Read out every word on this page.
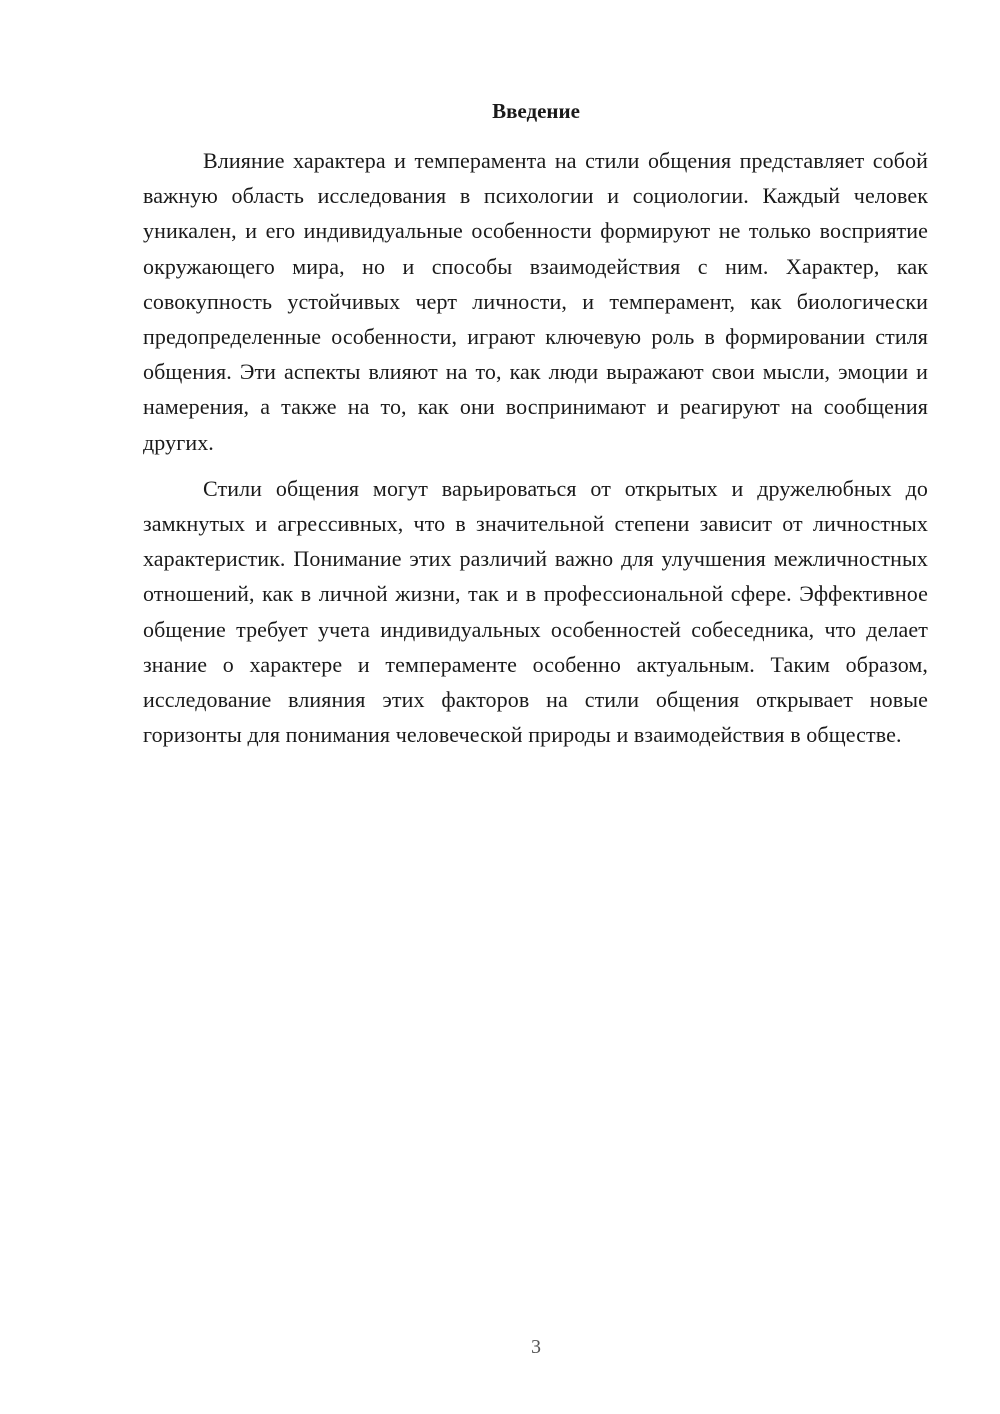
Введение

Влияние характера и темперамента на стили общения представляет собой важную область исследования в психологии и социологии. Каждый человек уникален, и его индивидуальные особенности формируют не только восприятие окружающего мира, но и способы взаимодействия с ним. Характер, как совокупность устойчивых черт личности, и темперамент, как биологически предопределенные особенности, играют ключевую роль в формировании стиля общения. Эти аспекты влияют на то, как люди выражают свои мысли, эмоции и намерения, а также на то, как они воспринимают и реагируют на сообщения других.

Стили общения могут варьироваться от открытых и дружелюбных до замкнутых и агрессивных, что в значительной степени зависит от личностных характеристик. Понимание этих различий важно для улучшения межличностных отношений, как в личной жизни, так и в профессиональной сфере. Эффективное общение требует учета индивидуальных особенностей собеседника, что делает знание о характере и темпераменте особенно актуальным. Таким образом, исследование влияния этих факторов на стили общения открывает новые горизонты для понимания человеческой природы и взаимодействия в обществе.

3
